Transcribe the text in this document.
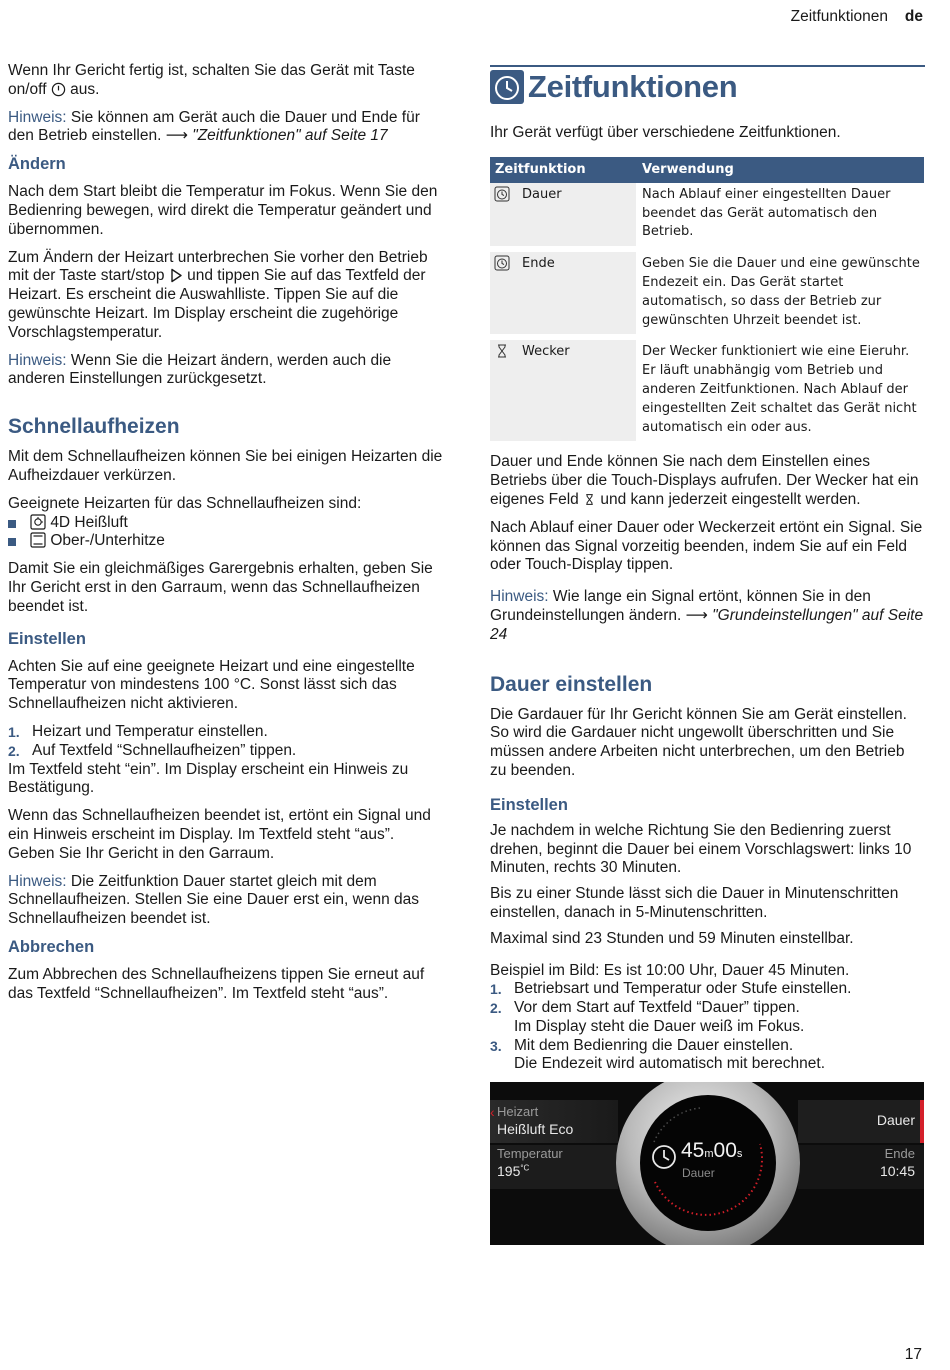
Zeitfunktionen de

Wenn Ihr Gericht fertig ist, schalten Sie das Gerät mit Taste on/off  aus.

Hinweis: Sie können am Gerät auch die Dauer und Ende für den Betrieb einstellen. ⟶ "Zeitfunktionen" auf Seite 17

Ändern

Nach dem Start bleibt die Temperatur im Fokus. Wenn Sie den Bedienring bewegen, wird direkt die Temperatur geändert und übernommen.

Zum Ändern der Heizart unterbrechen Sie vorher den Betrieb mit der Taste start/stop  und tippen Sie auf das Textfeld der Heizart. Es erscheint die Auswahlliste. Tippen Sie auf die gewünschte Heizart. Im Display erscheint die zugehörige Vorschlagstemperatur.

Hinweis: Wenn Sie die Heizart ändern, werden auch die anderen Einstellungen zurückgesetzt.

Schnellaufheizen

Mit dem Schnellaufheizen können Sie bei einigen Heizarten die Aufheizdauer verkürzen.

Geeignete Heizarten für das Schnellaufheizen sind:

4D Heißluft
Ober-/Unterhitze

Damit Sie ein gleichmäßiges Garergebnis erhalten, geben Sie Ihr Gericht erst in den Garraum, wenn das Schnellaufheizen beendet ist.

Einstellen

Achten Sie auf eine geeignete Heizart und eine eingestellte Temperatur von mindestens 100 °C. Sonst lässt sich das Schnellaufheizen nicht aktivieren.

1. Heizart und Temperatur einstellen.
2. Auf Textfeld “Schnellaufheizen” tippen.

Im Textfeld steht “ein”. Im Display erscheint ein Hinweis zu Bestätigung.

Wenn das Schnellaufheizen beendet ist, ertönt ein Signal und ein Hinweis erscheint im Display. Im Textfeld steht “aus”. Geben Sie Ihr Gericht in den Garraum.

Hinweis: Die Zeitfunktion Dauer startet gleich mit dem Schnellaufheizen. Stellen Sie eine Dauer erst ein, wenn das Schnellaufheizen beendet ist.

Abbrechen

Zum Abbrechen des Schnellaufheizens tippen Sie erneut auf das Textfeld “Schnellaufheizen”. Im Textfeld steht “aus”.

Zeitfunktionen

Ihr Gerät verfügt über verschiedene Zeitfunktionen.

Zeitfunktion	Verwendung
Dauer	Nach Ablauf einer eingestellten Dauer beendet das Gerät automatisch den Betrieb.
Ende	Geben Sie die Dauer und eine gewünschte Endezeit ein. Das Gerät startet automatisch, so dass der Betrieb zur gewünschten Uhrzeit beendet ist.
Wecker	Der Wecker funktioniert wie eine Eieruhr. Er läuft unabhängig vom Betrieb und anderen Zeitfunktionen. Nach Ablauf der eingestellten Zeit schaltet das Gerät nicht automatisch ein oder aus.

Dauer und Ende können Sie nach dem Einstellen eines Betriebs über die Touch-Displays aufrufen. Der Wecker hat ein eigenes Feld  und kann jederzeit eingestellt werden.

Nach Ablauf einer Dauer oder Weckerzeit ertönt ein Signal. Sie können das Signal vorzeitig beenden, indem Sie auf ein Feld oder Touch-Display tippen.

Hinweis: Wie lange ein Signal ertönt, können Sie in den Grundeinstellungen ändern. ⟶ "Grundeinstellungen" auf Seite 24

Dauer einstellen

Die Gardauer für Ihr Gericht können Sie am Gerät einstellen. So wird die Gardauer nicht ungewollt überschritten und Sie müssen andere Arbeiten nicht unterbrechen, um den Betrieb zu beenden.

Einstellen

Je nachdem in welche Richtung Sie den Bedienring zuerst drehen, beginnt die Dauer bei einem Vorschlagswert: links 10 Minuten, rechts 30 Minuten.

Bis zu einer Stunde lässt sich die Dauer in Minutenschritten einstellen, danach in 5-Minutenschritten.

Maximal sind 23 Stunden und 59 Minuten einstellbar.

Beispiel im Bild: Es ist 10:00 Uhr, Dauer 45 Minuten.

1. Betriebsart und Temperatur oder Stufe einstellen.
2. Vor dem Start auf Textfeld “Dauer” tippen.
Im Display steht die Dauer weiß im Fokus.
3. Mit dem Bedienring die Dauer einstellen.
Die Endezeit wird automatisch mit berechnet.
‹ Heizart
Heißluft Eco
Temperatur
$195^{^\circ C}$
Dauer
Ende
10:45
45m00s
Dauer
17
